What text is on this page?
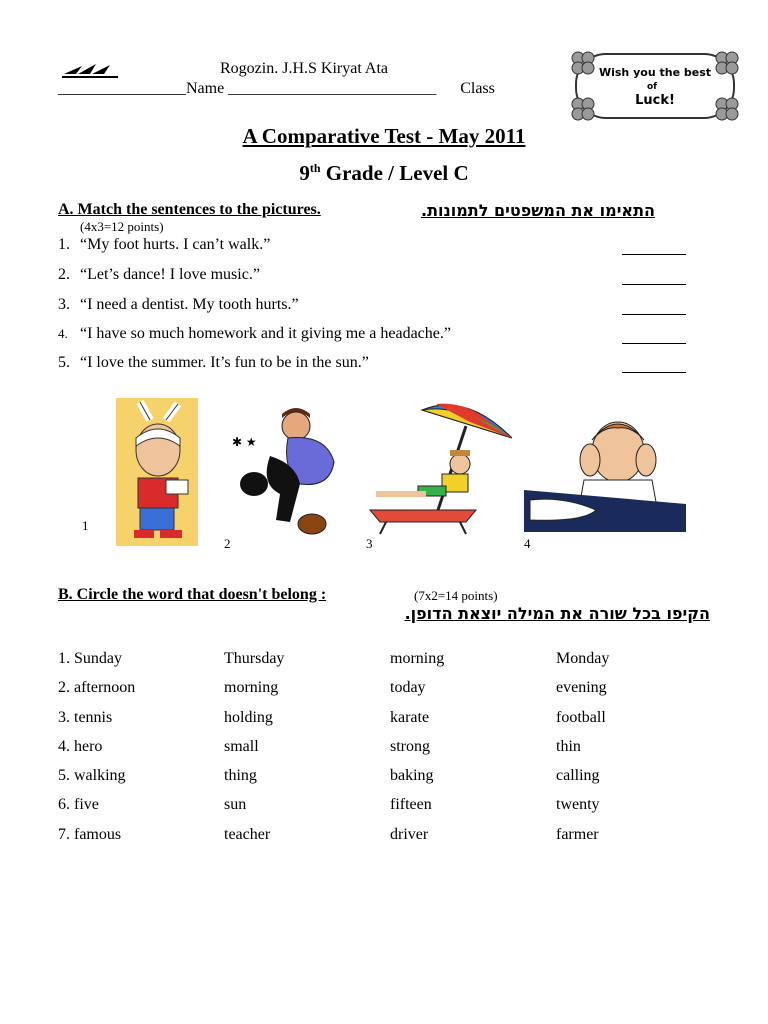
Rogozin. J.H.S Kiryat Ata
________________Name __________________________      Class
Wish you the best
of
Luck!
A Comparative Test - May 2011
9th Grade / Level C
A. Match the sentences to the pictures.	התאימו את המשפטים לתמונות.
(4x3=12 points)
1. “My foot hurts. I can’t walk.”
2. “Let’s dance! I love music.”
3. “I need a dentist. My tooth hurts.”
4. “I have so much homework and it giving me a headache.”
5. “I love the summer. It’s fun to be in the sun.”
1
✱ ★
2	3	4
B. Circle the word that doesn't belong :	(7x2=14 points)
הקיפו בכל שורה את המילה יוצאת הדופן.
1. Sunday	Thursday	morning	Monday
2. afternoon	morning	today	evening
3. tennis	holding	karate	football
4. hero	small	strong	thin
5. walking	thing	baking	calling
6. five	sun	fifteen	twenty
7. famous	teacher	driver	farmer
